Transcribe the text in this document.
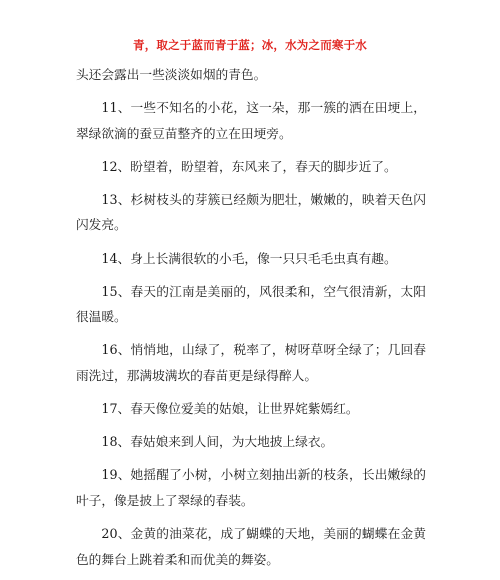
青，取之于蓝而青于蓝；冰，水为之而寒于水

头还会露出一些淡淡如烟的青色。

11、一些不知名的小花，这一朵，那一簇的洒在田埂上，翠绿欲滴的蚕豆苗整齐的立在田埂旁。

12、盼望着，盼望着，东风来了，春天的脚步近了。

13、杉树枝头的芽簇已经颇为肥壮，嫩嫩的，映着天色闪闪发亮。

14、身上长满很软的小毛，像一只只毛毛虫真有趣。

15、春天的江南是美丽的，风很柔和，空气很清新，太阳很温暖。

16、悄悄地，山绿了，税率了，树呀草呀全绿了；几回春雨洗过，那满坡满坎的春苗更是绿得醉人。

17、春天像位爱美的姑娘，让世界姹紫嫣红。

18、春姑娘来到人间，为大地披上绿衣。

19、她摇醒了小树，小树立刻抽出新的枝条，长出嫩绿的叶子，像是披上了翠绿的春装。

20、金黄的油菜花，成了蝴蝶的天地，美丽的蝴蝶在金黄色的舞台上跳着柔和而优美的舞姿。
